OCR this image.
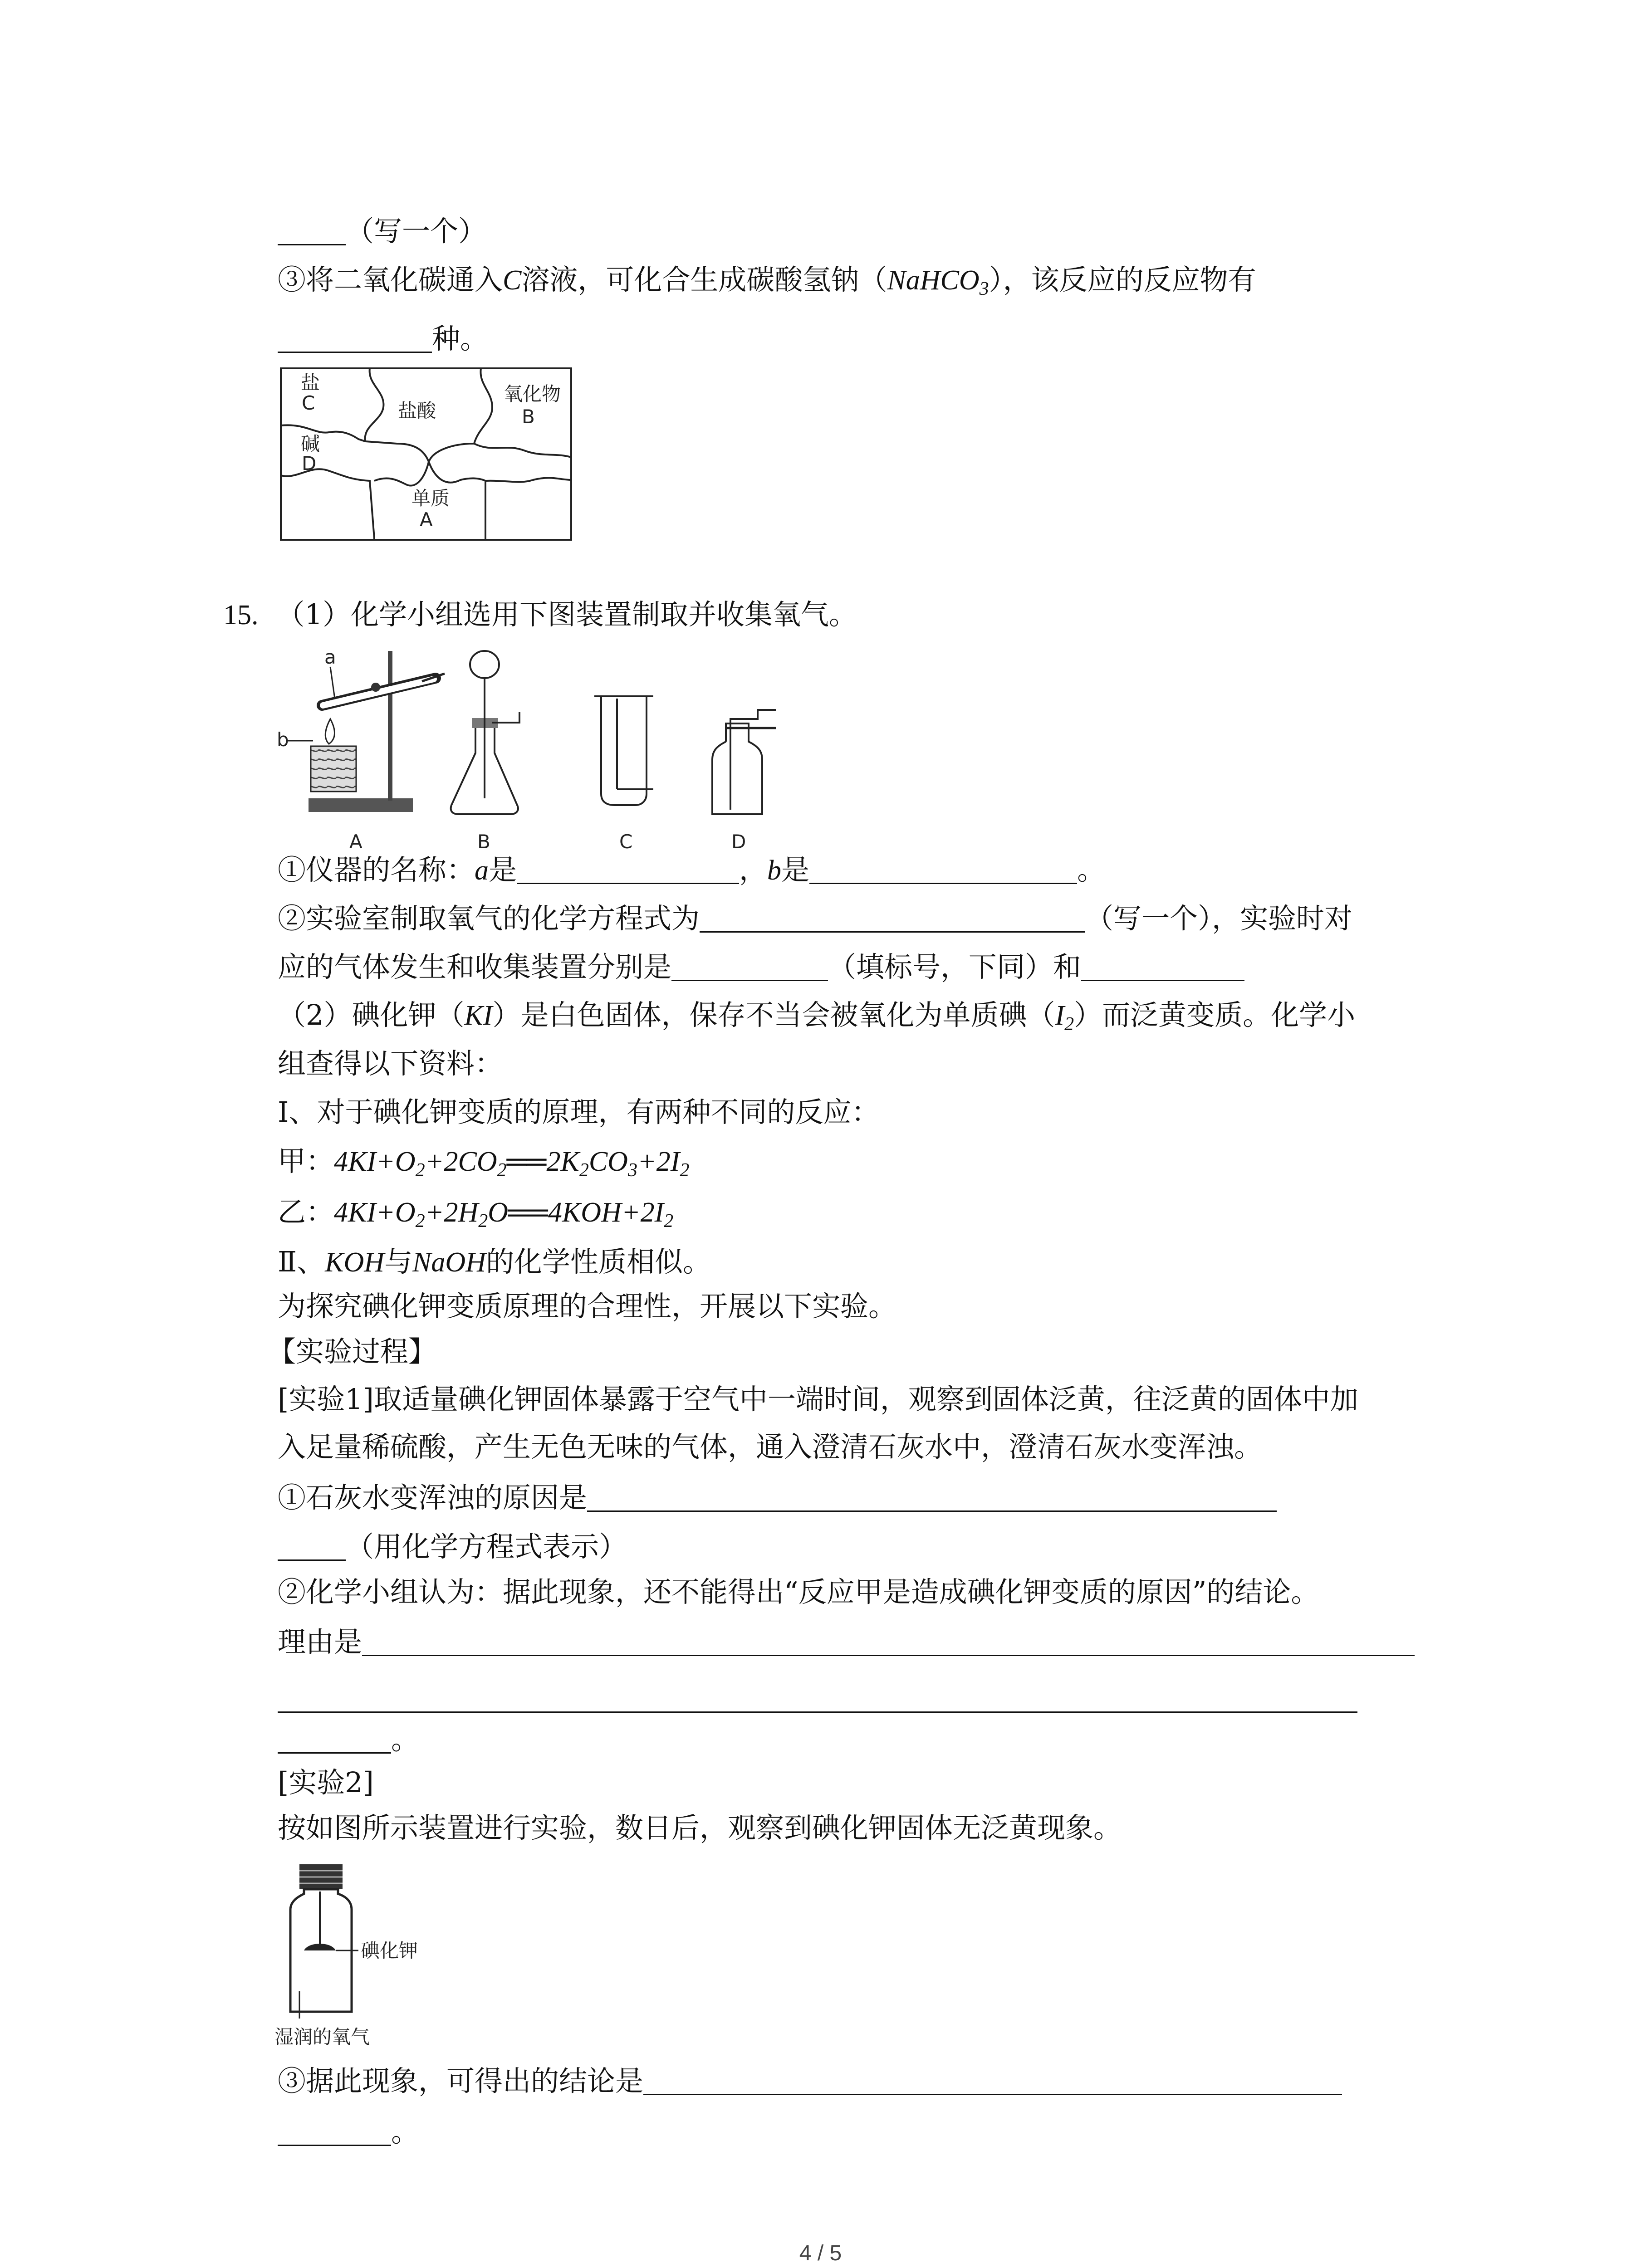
（写一个）
③将二氧化碳通入C溶液，可化合生成碳酸氢钠（NaHCO$_3$），该反应的反应物有
种。
盐
C	盐酸
氧化物
B
碱
D
单质
A
15. （1）化学小组选用下图装置制取并收集氧气。
a
b
A	B	C	D
①仪器的名称：a是	，b是	。
②实验室制取氧气的化学方程式为	（写一个），实验时对
应的气体发生和收集装置分别是	（填标号，下同）和
（2）碘化钾（KI）是白色固体，保存不当会被氧化为单质碘$(I_2)$而泛黄变质。化学小
组查得以下资料：
Ⅰ、对于碘化钾变质的原理，有两种不同的反应：
甲：$4KI+O_2+2CO_2══2K_2CO_3+2I_2$
乙：$4KI+O_2+2H_2O══4KOH+2I_2$
Ⅱ、KOH与NaOH的化学性质相似。
为探究碘化钾变质原理的合理性，开展以下实验。
【实验过程】
[实验1]取适量碘化钾固体暴露于空气中一端时间，观察到固体泛黄，往泛黄的固体中加
入足量稀硫酸，产生无色无味的气体，通入澄清石灰水中，澄清石灰水变浑浊。
①石灰水变浑浊的原因是
（用化学方程式表示）
②化学小组认为：据此现象，还不能得出“反应甲是造成碘化钾变质的原因”的结论。
理由是
。
[实验2]
按如图所示装置进行实验，数日后，观察到碘化钾固体无泛黄现象。
碘化钾
湿润的氧气
③据此现象，可得出的结论是
。
4 / 5
